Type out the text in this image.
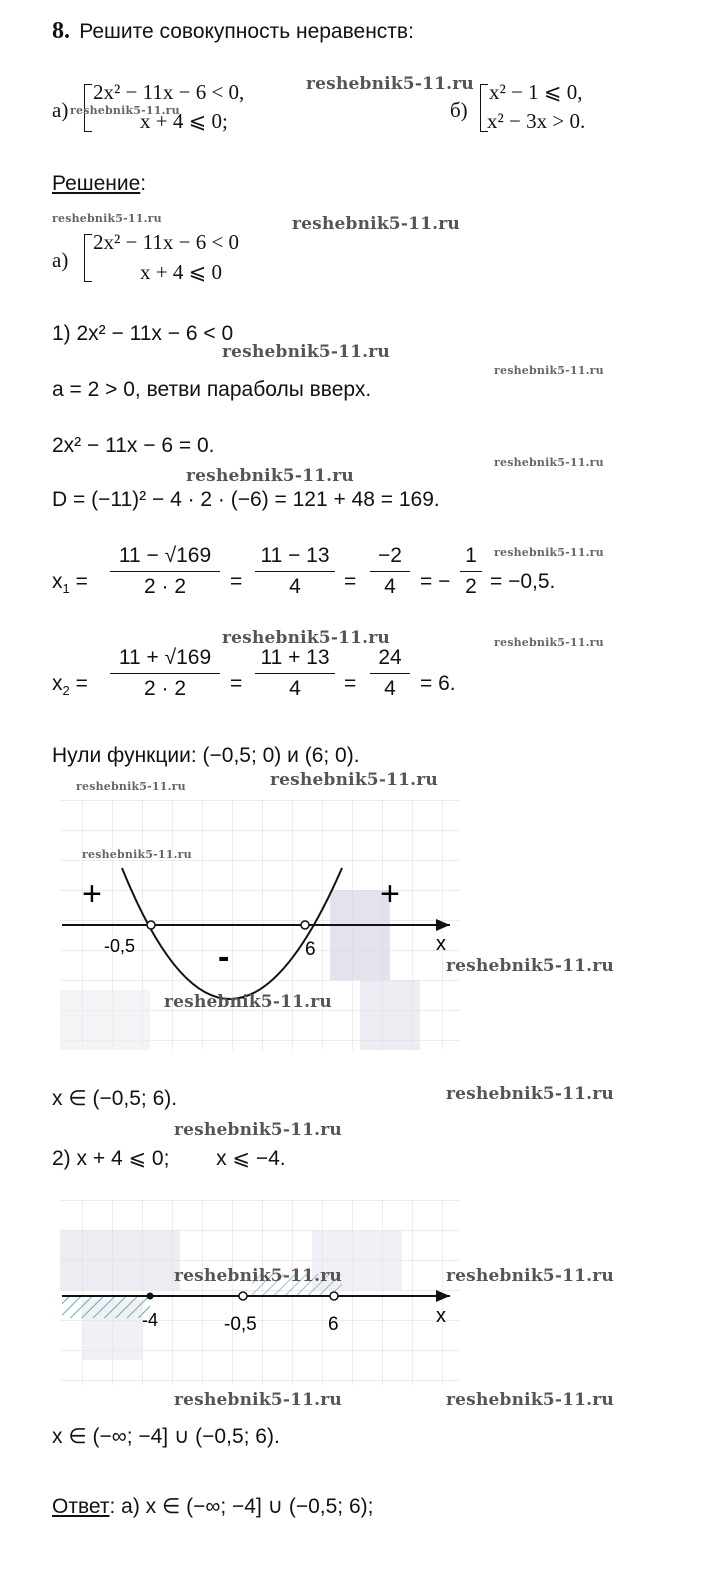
8. Решите совокупность неравенств:
а)
2x² − 11x − 6 < 0,
x + 4 ⩽ 0;	б)
x² − 1 ⩽ 0,
x² − 3x > 0.
Решение:
а)
2x² − 11x − 6 < 0
x + 4 ⩽ 0
1) 2x² − 11x − 6 < 0
a = 2 > 0, ветви параболы вверх.
2x² − 11x − 6 = 0.
D = (−11)² − 4 · 2 · (−6) = 121 + 48 = 169.
$x_1$ =
11 − √169
2 · 2	=
11 − 13
4	=
−2
4	= −
1
2 = −0,5.
$x_2$ =
11 + √169
2 · 2	=
11 + 13
4	=
24
4	= 6.
Нули функции: (−0,5; 0) и (6; 0).
+	+
-
-0,5	6	x
x ∈ (−0,5; 6).
2) x + 4 ⩽ 0;        x ⩽ −4.
-4	-0,5	6	x
x ∈ (−∞; −4] ∪ (−0,5; 6).
Ответ: а) x ∈ (−∞; −4] ∪ (−0,5; 6);
reshebnik5-11.ru
reshebnik5-11.ru
reshebnik5-11.ru	reshebnik5-11.ru
reshebnik5-11.ru
reshebnik5-11.ru
reshebnik5-11.ru
reshebnik5-11.ru
reshebnik5-11.ru
reshebnik5-11.ru	reshebnik5-11.ru
reshebnik5-11.ru
reshebnik5-11.ru
reshebnik5-11.ru
reshebnik5-11.ru
reshebnik5-11.ru
reshebnik5-11.ru
reshebnik5-11.ru
reshebnik5-11.ru	reshebnik5-11.ru
reshebnik5-11.ru	reshebnik5-11.ru
